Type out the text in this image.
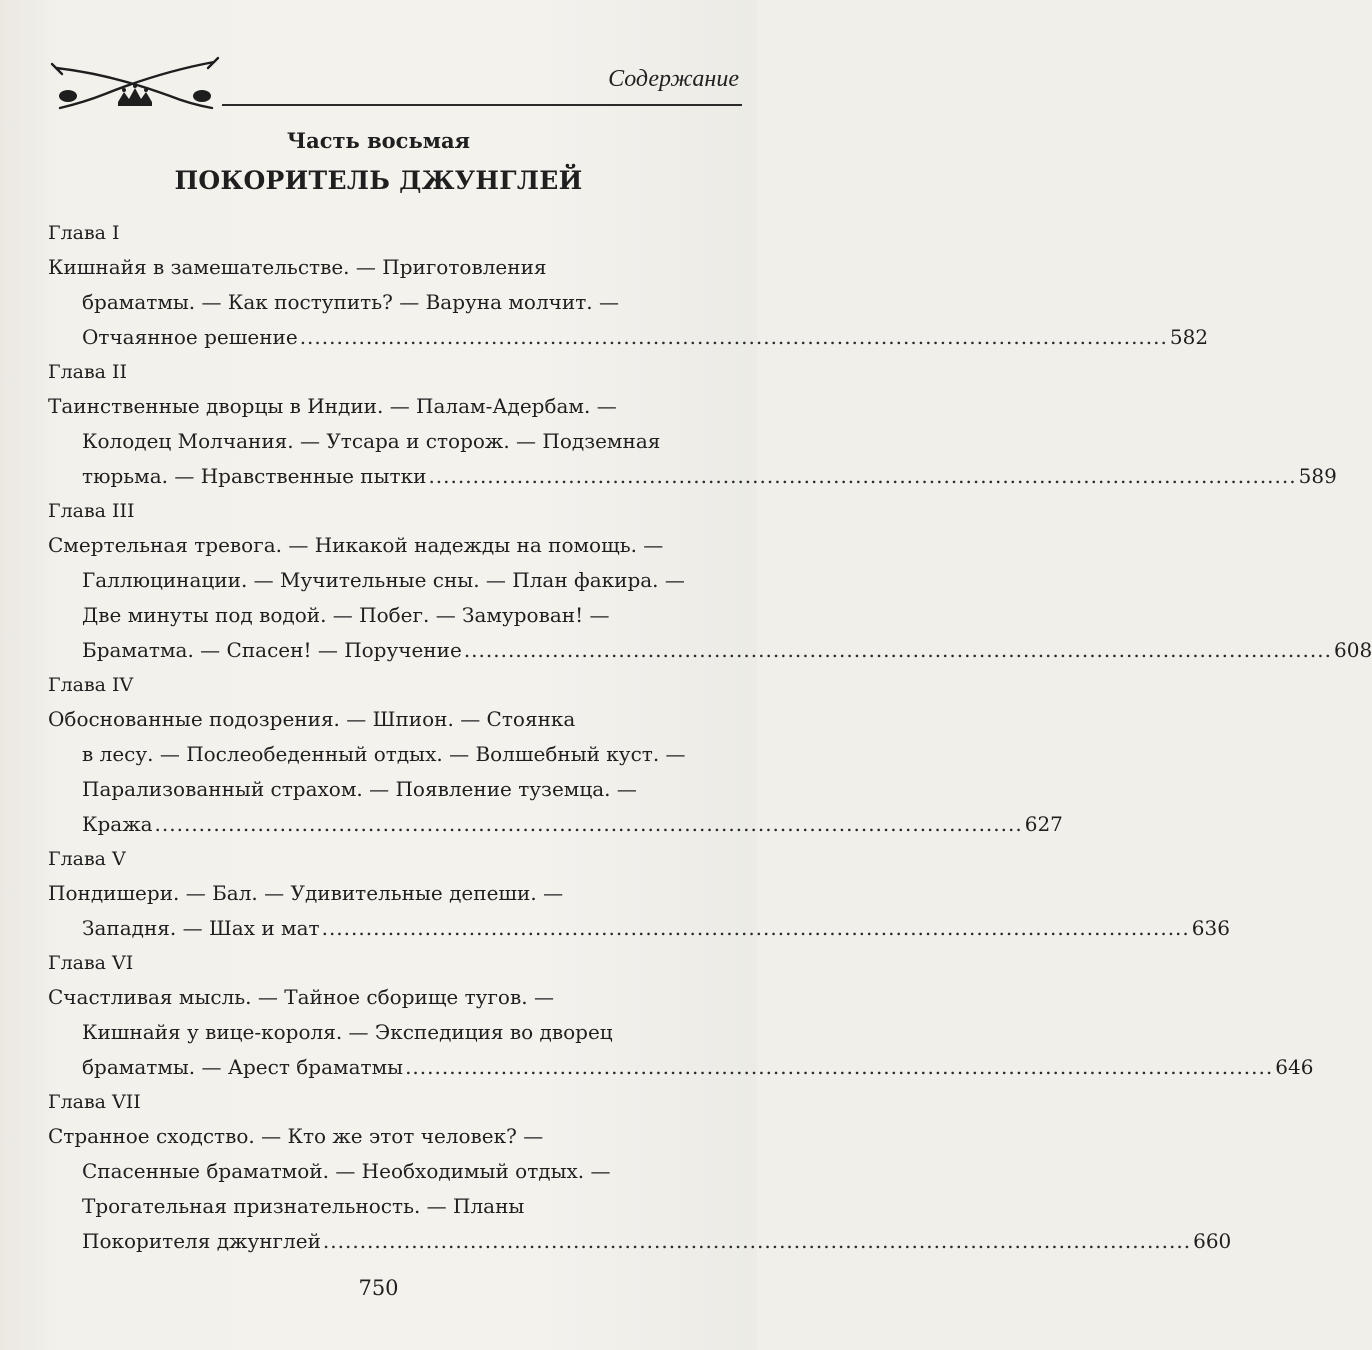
Содержание
Часть восьмая
ПОКОРИТЕЛЬ ДЖУНГЛЕЙ
Глава I
Кишнайя в замешательстве. — Приготовления
браматмы. — Как поступить? — Варуна молчит. —
Отчаянное решение ...................................................................................................................... 582
Глава II
Таинственные дворцы в Индии. — Палам-Адербам. —
Колодец Молчания. — Утсара и сторож. — Подземная
тюрьма. — Нравственные пытки ...................................................................................................................... 589
Глава III
Смертельная тревога. — Никакой надежды на помощь. —
Галлюцинации. — Мучительные сны. — План факира. —
Две минуты под водой. — Побег. — Замурован! —
Браматма. — Спасен! — Поручение ...................................................................................................................... 608
Глава IV
Обоснованные подозрения. — Шпион. — Стоянка
в лесу. — Послеобеденный отдых. — Волшебный куст. —
Парализованный страхом. — Появление туземца. —
Кража ...................................................................................................................... 627
Глава V
Пондишери. — Бал. — Удивительные депеши. —
Западня. — Шах и мат ...................................................................................................................... 636
Глава VI
Счастливая мысль. — Тайное сборище тугов. —
Кишнайя у вице-короля. — Экспедиция во дворец
браматмы. — Арест браматмы ...................................................................................................................... 646
Глава VII
Странное сходство. — Кто же этот человек? —
Спасенные браматмой. — Необходимый отдых. —
Трогательная признательность. — Планы
Покорителя джунглей ...................................................................................................................... 660
750
